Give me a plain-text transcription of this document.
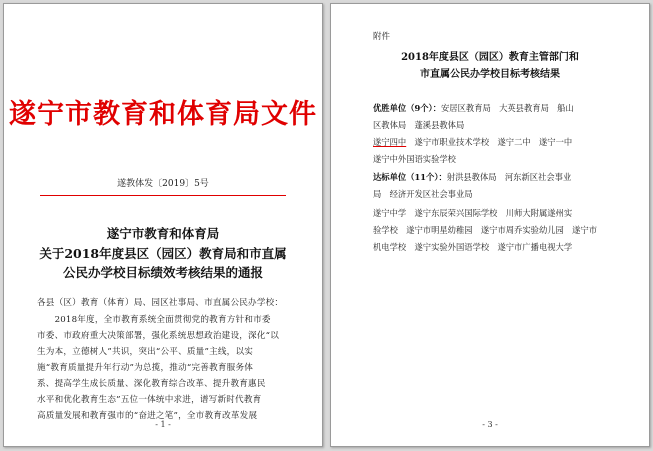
遂宁市教育和体育局文件
遂教体发〔2019〕5号
遂宁市教育和体育局
关于2018年度县区（园区）教育局和市直属
公民办学校目标绩效考核结果的通报
各县（区）教育（体育）局、园区社事局、市直属公民办学校：
　　2018年度，全市教育系统全面贯彻党的教育方针和市委
市委、市政府重大决策部署，强化系统思想政治建设，深化“以
生为本，立德树人”共识，突出“公平、质量”主线，以实
施“教育质量提升年行动”为总揽，推动“完善教育服务体
系、提高学生成长质量、深化教育综合改革、提升教育惠民
水平和优化教育生态”五位一体统中求进，谱写新时代教育
高质量发展和教育强市的“奋进之笔”，全市教育改革发展
- 1 -
附件
2018年度县区（园区）教育主管部门和
市直属公民办学校目标考核结果
优胜单位（9个）：安居区教育局　大英县教育局　船山
区教体局　蓬溪县教体局
遂宁四中　 遂宁市职业技术学校　遂宁二中　遂宁一中
遂宁中外国语实验学校
达标单位（11个）：射洪县教体局　河东新区社会事业
局　经济开发区社会事业局
遂宁中学　遂宁东辰荣兴国际学校　川师大附属遂州实
验学校　遂宁市明星幼稚园　遂宁市周乔实验幼儿园　遂宁市
机电学校　遂宁实验外国语学校　遂宁市广播电视大学
- 3 -
